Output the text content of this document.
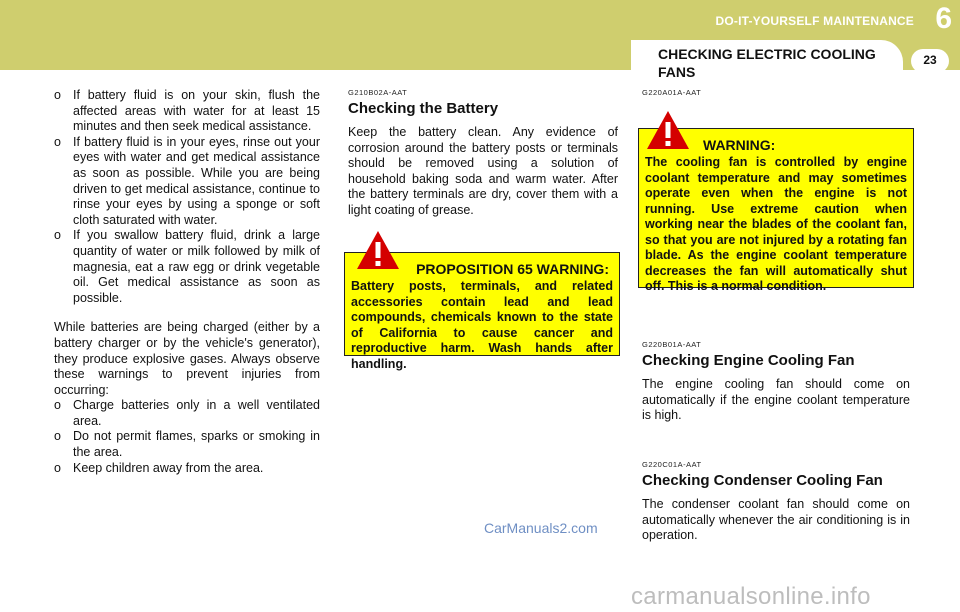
DO-IT-YOURSELF MAINTENANCE 6
CHECKING ELECTRIC COOLING FANS
23
o If battery fluid is on your skin, flush the affected areas with water for at least 15 minutes and then seek medical assistance.
o If battery fluid is in your eyes, rinse out your eyes with water and get medical assistance as soon as possible. While you are being driven to get medical assistance, continue to rinse your eyes by using a sponge or soft cloth saturated with water.
o If you swallow battery fluid, drink a large quantity of water or milk followed by milk of magnesia, eat a raw egg or drink vegetable oil. Get medical assistance as soon as possible.

While batteries are being charged (either by a battery charger or by the vehicle's generator), they produce explosive gases. Always observe these warnings to prevent injuries from occurring:

o Charge batteries only in a well ventilated area.
o Do not permit flames, sparks or smoking in the area.
o Keep children away from the area.
G210B02A-AAT
Checking the Battery

Keep the battery clean. Any evidence of corrosion around the battery posts or terminals should be removed using a solution of household baking soda and warm water. After the battery terminals are dry, cover them with a light coating of grease.

PROPOSITION 65 WARNING:
Battery posts, terminals, and related accessories contain lead and lead compounds, chemicals known to the state of California to cause cancer and reproductive harm. Wash hands after handling.
G220A01A-AAT
WARNING:
The cooling fan is controlled by engine coolant temperature and may sometimes operate even when the engine is not running. Use extreme caution when working near the blades of the coolant fan, so that you are not injured by a rotating fan blade. As the engine coolant temperature decreases the fan will automatically shut off. This is a normal condition.
G220B01A-AAT
Checking Engine Cooling Fan

The engine cooling fan should come on automatically if the engine coolant temperature is high.

G220C01A-AAT
Checking Condenser Cooling Fan

The condenser coolant fan should come on automatically whenever the air conditioning is in operation.

CarManuals2.com
carmanualsonline.info
